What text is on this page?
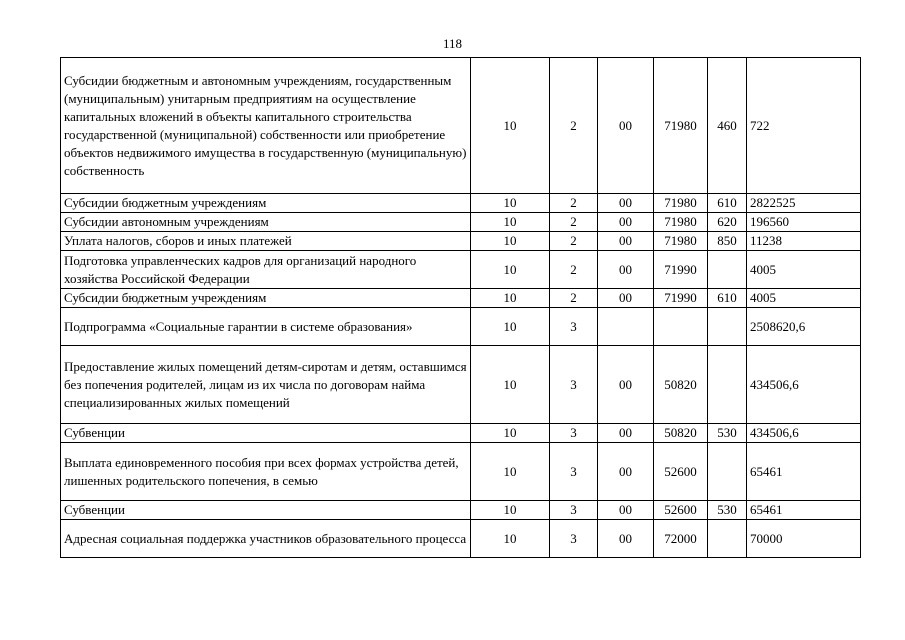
118
Субсидии бюджетным и автономным учреждениям, государственным (муниципальным) унитарным предприятиям на осуществление капитальных вложений в объекты капитального строительства государственной (муниципальной) собственности или приобретение объектов недвижимого имущества в государственную (муниципальную) собственность	10	2	00	71980	460	722
Субсидии бюджетным учреждениям	10	2	00	71980	610	2822525
Субсидии автономным учреждениям	10	2	00	71980	620	196560
Уплата налогов, сборов и иных платежей	10	2	00	71980	850	11238
Подготовка управленческих кадров для организаций народного хозяйства Российской Федерации	10	2	00	71990		4005
Субсидии бюджетным учреждениям	10	2	00	71990	610	4005
Подпрограмма «Социальные гарантии в системе образования»	10	3				2508620,6
Предоставление жилых помещений детям-сиротам и детям, оставшимся без попечения родителей, лицам из их числа по договорам найма специализированных жилых помещений	10	3	00	50820		434506,6
Субвенции	10	3	00	50820	530	434506,6
Выплата единовременного пособия при всех формах устройства детей, лишенных родительского попечения, в семью	10	3	00	52600		65461
Субвенции	10	3	00	52600	530	65461
Адресная социальная поддержка участников образовательного процесса	10	3	00	72000		70000
